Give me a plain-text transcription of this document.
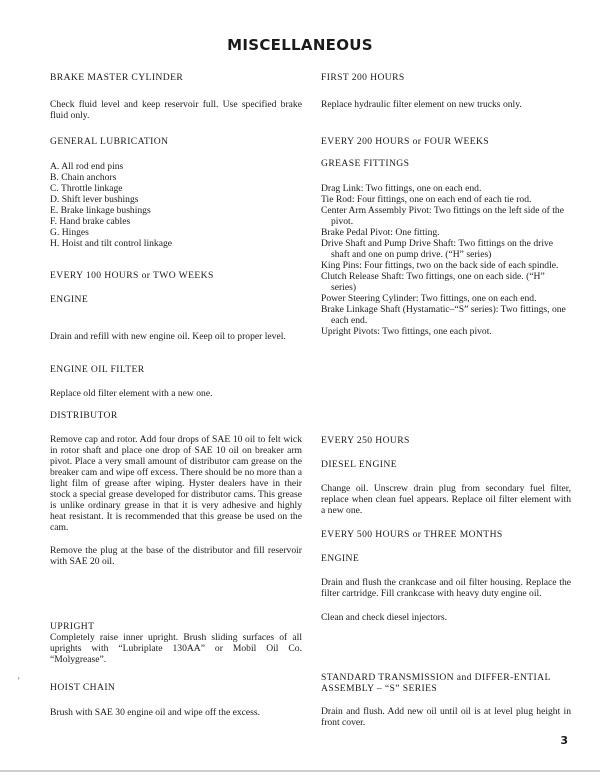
MISCELLANEOUS

BRAKE MASTER CYLINDER

Check fluid level and keep reservoir full. Use specified brake fluid only.

GENERAL LUBRICATION

A. All rod end pins

B. Chain anchors

C. Throttle linkage

D. Shift lever bushings

E. Brake linkage bushings

F. Hand brake cables

G. Hinges

H. Hoist and tilt control linkage

EVERY 100 HOURS or TWO WEEKS

ENGINE

Drain and refill with new engine oil. Keep oil to proper level.

ENGINE OIL FILTER

Replace old filter element with a new one.

DISTRIBUTOR

Remove cap and rotor. Add four drops of SAE 10 oil to felt wick in rotor shaft and place one drop of SAE 10 oil on breaker arm pivot. Place a very small amount of distributor cam grease on the breaker cam and wipe off excess. There should be no more than a light film of grease after wiping. Hyster dealers have in their stock a special grease developed for distributor cams. This grease is unlike ordinary grease in that it is very adhesive and highly heat resistant. It is recommended that this grease be used on the cam.

Remove the plug at the base of the distributor and fill reservoir with SAE 20 oil.

UPRIGHT

Completely raise inner upright. Brush sliding surfaces of all uprights with “Lubriplate 130AA” or Mobil Oil Co. “Molygrease”.

HOIST CHAIN

Brush with SAE 30 engine oil and wipe off the excess.

FIRST 200 HOURS

Replace hydraulic filter element on new trucks only.

EVERY 200 HOURS or FOUR WEEKS

GREASE FITTINGS

Drag Link: Two fittings, one on each end.

Tie Rod: Four fittings, one on each end of each tie rod.

Center Arm Assembly Pivot: Two fittings on the left side of the pivot.

Brake Pedal Pivot: One fitting.

Drive Shaft and Pump Drive Shaft: Two fittings on the drive shaft and one on pump drive. (“H” series)

King Pins: Four fittings, two on the back side of each spindle.

Clutch Release Shaft: Two fittings, one on each side. (“H” series)

Power Steering Cylinder: Two fittings, one on each end.

Brake Linkage Shaft (Hystamatic–“S” series): Two fittings, one each end.

Upright Pivots: Two fittings, one each pivot.

EVERY 250 HOURS

DIESEL ENGINE

Change oil. Unscrew drain plug from secondary fuel filter, replace when clean fuel appears. Replace oil filter element with a new one.

EVERY 500 HOURS or THREE MONTHS

ENGINE

Drain and flush the crankcase and oil filter housing. Replace the filter cartridge. Fill crankcase with heavy duty engine oil.

Clean and check diesel injectors.

STANDARD TRANSMISSION and DIFFER-ENTIAL ASSEMBLY – “S” SERIES

Drain and flush. Add new oil until oil is at level plug height in front cover.

'
3
